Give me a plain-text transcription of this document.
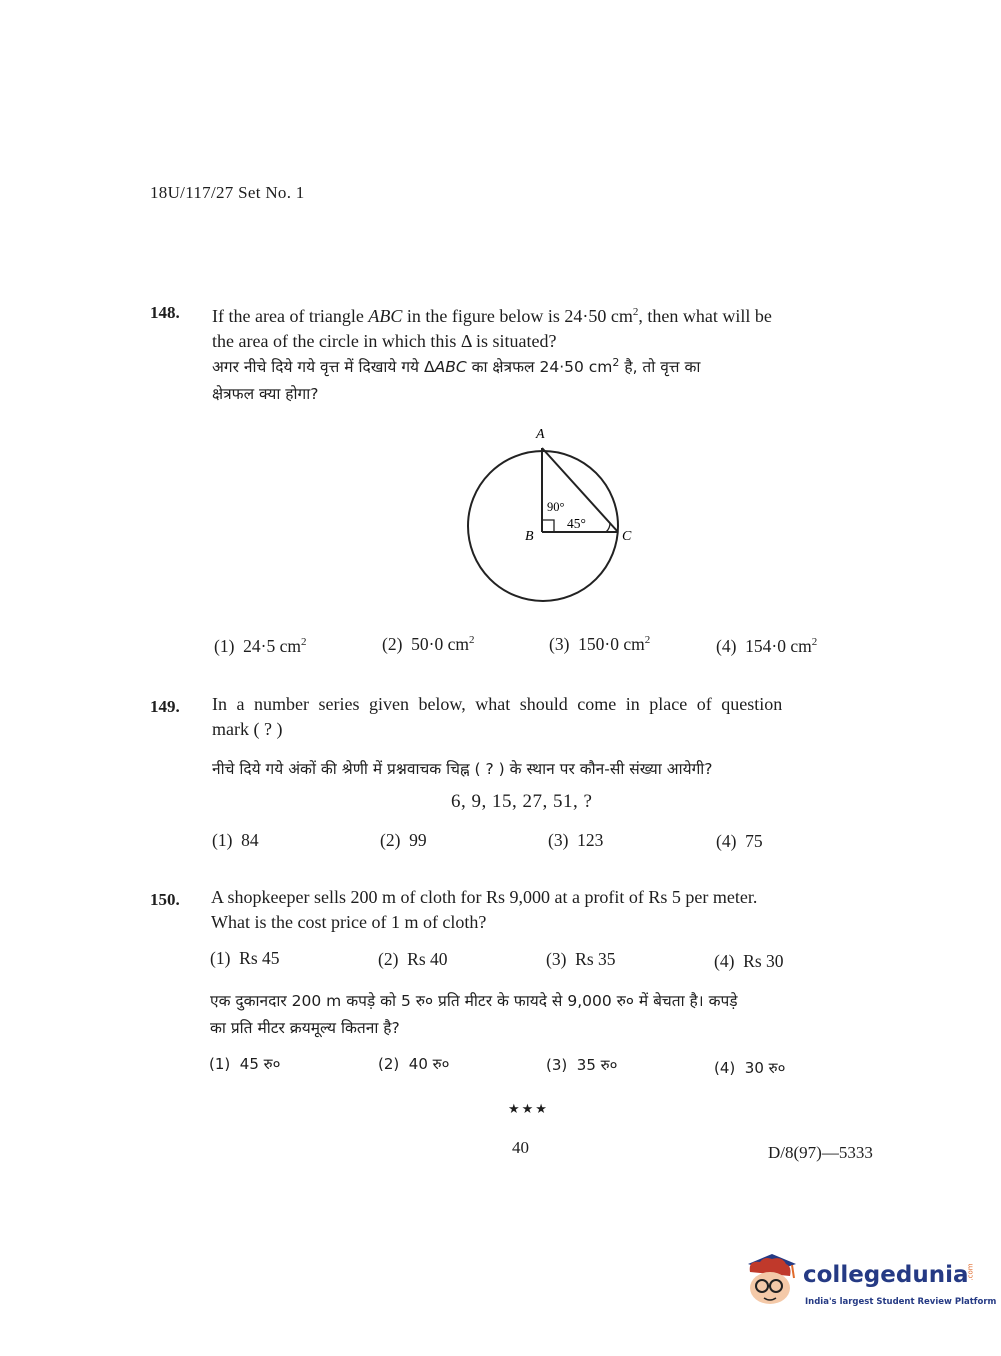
18U/117/27 Set No. 1
148. If the area of triangle ABC in the figure below is 24·50 $cm^2$, then what will be
the area of the circle in which this Δ is situated?
अगर नीचे दिये गये वृत्त में दिखाये गये ΔABC का क्षेत्रफल 24·50 $cm^2$ है, तो वृत्त का
क्षेत्रफल क्या होगा?
A
B	C
90°
45°
(1) 24·5 $cm^2$	(2) 50·0 $cm^2$	(3) 150·0 $cm^2$	(4) 154·0 $cm^2$
149. In a number series given below, what should come in place of question
mark ( ? )
नीचे दिये गये अंकों की श्रेणी में प्रश्नवाचक चिह्न ( ? ) के स्थान पर कौन-सी संख्या आयेगी?
6, 9, 15, 27, 51, ?
(1) 84	(2) 99	(3) 123	(4) 75
150. A shopkeeper sells 200 m of cloth for Rs 9,000 at a profit of Rs 5 per meter.
What is the cost price of 1 m of cloth?
(1) Rs 45	(2) Rs 40	(3) Rs 35	(4) Rs 30
एक दुकानदार 200 m कपड़े को 5 रु० प्रति मीटर के फायदे से 9,000 रु० में बेचता है। कपड़े
का प्रति मीटर क्रयमूल्य कितना है?
(1) 45 रु०	(2) 40 रु०	(3) 35 रु०	(4) 30 रु०
★★★
40	D/8(97)—5333
collegedunia
.com
India's largest Student Review Platform
